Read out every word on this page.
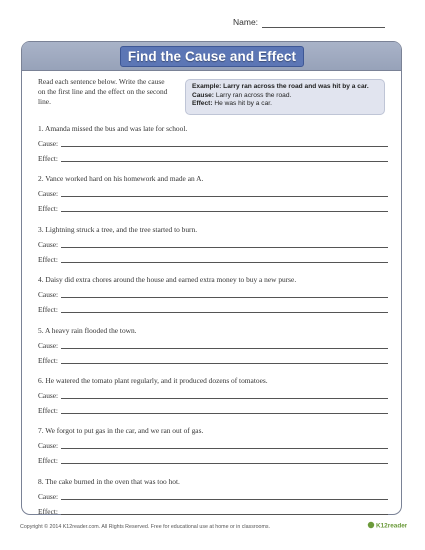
Name:
Find the Cause and Effect
Read each sentence below. Write the cause on the first line and the effect on the second line.
Example: Larry ran across the road and was hit by a car.
Cause: Larry ran across the road.
Effect: He was hit by a car.
1. Amanda missed the bus and was late for school.
Cause:
Effect:
2. Vance worked hard on his homework and made an A.
Cause:
Effect:
3. Lightning struck a tree, and the tree started to burn.
Cause:
Effect:
4. Daisy did extra chores around the house and earned extra money to buy a new purse.
Cause:
Effect:
5. A heavy rain flooded the town.
Cause:
Effect:
6. He watered the tomato plant regularly, and it produced dozens of tomatoes.
Cause:
Effect:
7. We forgot to put gas in the car, and we ran out of gas.
Cause:
Effect:
8. The cake burned in the oven that was too hot.
Cause:
Effect:
Copyright © 2014 K12reader.com. All Rights Reserved. Free for educational use at home or in classrooms.	K12reader
